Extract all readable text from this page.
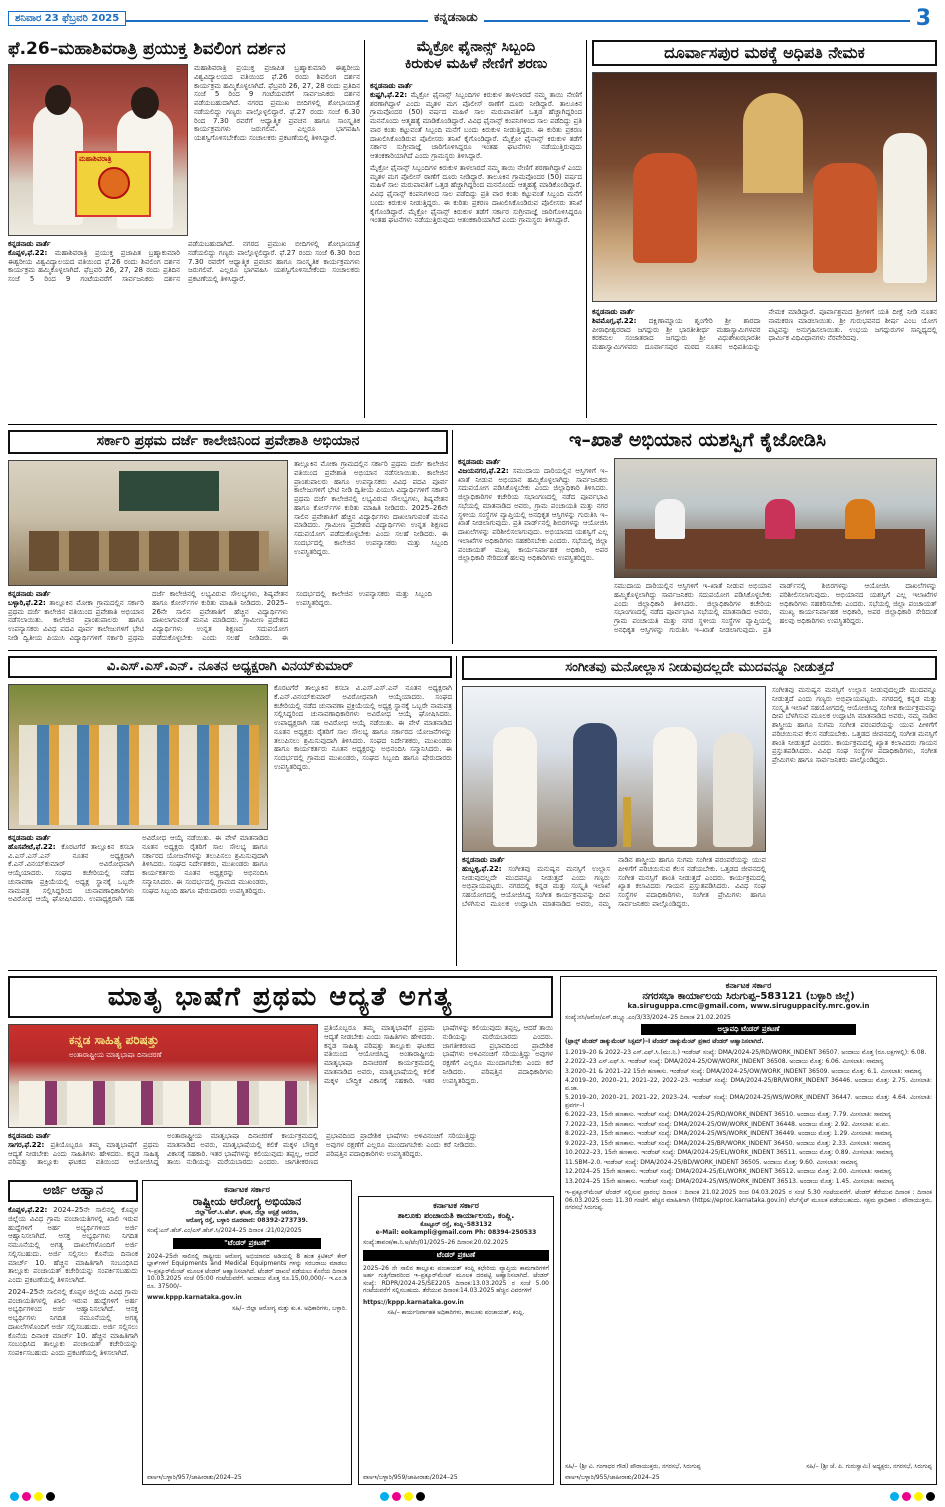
ಶನಿವಾರ 23 ಫೆಬ್ರವರಿ 2025	ಕನ್ನಡನಾಡು	3
ಫೆ.26–ಮಹಾಶಿವರಾತ್ರಿ ಪ್ರಯುಕ್ತ ಶಿವಲಿಂಗ ದರ್ಶನ
ಮಹಾಶಿವರಾತ್ರಿ

ಮಹಾಶಿವರಾತ್ರಿ ಪ್ರಯುಕ್ತ ಪ್ರಜಾಪಿತ ಬ್ರಹ್ಮಾಕುಮಾರಿ ಈಶ್ವರೀಯ ವಿಶ್ವವಿದ್ಯಾಲಯದ ವತಿಯಿಂದ ಫೆ.26 ರಂದು ಶಿವಲಿಂಗ ದರ್ಶನ ಕಾರ್ಯಕ್ರಮ ಹಮ್ಮಿಕೊಳ್ಳಲಾಗಿದೆ. ಫೆಬ್ರವರಿ 26, 27, 28 ರಂದು ಪ್ರತಿದಿನ ಸಂಜೆ 5 ರಿಂದ 9 ಗಂಟೆಯವರೆಗೆ ಸಾರ್ವಜನಿಕರು ದರ್ಶನ ಪಡೆಯಬಹುದಾಗಿದೆ. ನಗರದ ಪ್ರಮುಖ ಬೀದಿಗಳಲ್ಲಿ ಶೋಭಾಯಾತ್ರೆ ನಡೆಯಲಿದ್ದು ಗಣ್ಯರು ಪಾಲ್ಗೊಳ್ಳಲಿದ್ದಾರೆ. ಫೆ.27 ರಂದು ಸಂಜೆ 6.30 ರಿಂದ 7.30 ರವರೆಗೆ ಆಧ್ಯಾತ್ಮಿಕ ಪ್ರವಚನ ಹಾಗೂ ಸಾಂಸ್ಕೃತಿಕ ಕಾರ್ಯಕ್ರಮಗಳು ಜರುಗಲಿವೆ. ಎಲ್ಲರೂ ಭಾಗವಹಿಸಿ ಯಶಸ್ವಿಗೊಳಿಸಬೇಕೆಂದು ಸಂಚಾಲಕರು ಪ್ರಕಟಣೆಯಲ್ಲಿ ತಿಳಿಸಿದ್ದಾರೆ.

ಕನ್ನಡನಾಡು ವಾರ್ತೆ
ಕೊಪ್ಪಳ,ಫೆ.22: ಮಹಾಶಿವರಾತ್ರಿ ಪ್ರಯುಕ್ತ ಪ್ರಜಾಪಿತ ಬ್ರಹ್ಮಾಕುಮಾರಿ ಈಶ್ವರೀಯ ವಿಶ್ವವಿದ್ಯಾಲಯದ ವತಿಯಿಂದ ಫೆ.26 ರಂದು ಶಿವಲಿಂಗ ದರ್ಶನ ಕಾರ್ಯಕ್ರಮ ಹಮ್ಮಿಕೊಳ್ಳಲಾಗಿದೆ. ಫೆಬ್ರವರಿ 26, 27, 28 ರಂದು ಪ್ರತಿದಿನ ಸಂಜೆ 5 ರಿಂದ 9 ಗಂಟೆಯವರೆಗೆ ಸಾರ್ವಜನಿಕರು ದರ್ಶನ ಪಡೆಯಬಹುದಾಗಿದೆ. ನಗರದ ಪ್ರಮುಖ ಬೀದಿಗಳಲ್ಲಿ ಶೋಭಾಯಾತ್ರೆ ನಡೆಯಲಿದ್ದು ಗಣ್ಯರು ಪಾಲ್ಗೊಳ್ಳಲಿದ್ದಾರೆ. ಫೆ.27 ರಂದು ಸಂಜೆ 6.30 ರಿಂದ 7.30 ರವರೆಗೆ ಆಧ್ಯಾತ್ಮಿಕ ಪ್ರವಚನ ಹಾಗೂ ಸಾಂಸ್ಕೃತಿಕ ಕಾರ್ಯಕ್ರಮಗಳು ಜರುಗಲಿವೆ. ಎಲ್ಲರೂ ಭಾಗವಹಿಸಿ ಯಶಸ್ವಿಗೊಳಿಸಬೇಕೆಂದು ಸಂಚಾಲಕರು ಪ್ರಕಟಣೆಯಲ್ಲಿ ತಿಳಿಸಿದ್ದಾರೆ.

ಮೈಕ್ರೋ ಫೈನಾನ್ಸ್ ಸಿಬ್ಬಂದಿ
ಕಿರುಕುಳ ಮಹಿಳೆ ನೇಣಿಗೆ ಶರಣು

ಕನ್ನಡನಾಡು ವಾರ್ತೆ
ಕುಷ್ಟಗಿ,ಫೆ.22: ಮೈಕ್ರೋ ಫೈನಾನ್ಸ್ ಸಿಬ್ಬಂದಿಗಳ ಕಿರುಕುಳ ತಾಳಲಾರದೆ ನಮ್ಮ ತಾಯಿ ನೇಣಿಗೆ ಶರಣಾಗಿದ್ದಾಳೆ ಎಂದು ಮೃತಳ ಮಗ ಪೊಲೀಸ್ ಠಾಣೆಗೆ ದೂರು ನೀಡಿದ್ದಾರೆ. ತಾಲೂಕಿನ ಗ್ರಾಮವೊಂದರ (50) ವರ್ಷದ ಮಹಿಳೆ ಸಾಲ ಮರುಪಾವತಿಗೆ ಒತ್ತಡ ಹೆಚ್ಚಾಗಿದ್ದರಿಂದ ಮನನೊಂದು ಆತ್ಮಹತ್ಯೆ ಮಾಡಿಕೊಂಡಿದ್ದಾರೆ. ವಿವಿಧ ಫೈನಾನ್ಸ್ ಕಂಪನಿಗಳಿಂದ ಸಾಲ ಪಡೆದಿದ್ದು ಪ್ರತಿ ವಾರ ಕಂತು ಕಟ್ಟುವಂತೆ ಸಿಬ್ಬಂದಿ ಮನೆಗೆ ಬಂದು ಕಿರುಕುಳ ನೀಡುತ್ತಿದ್ದರು. ಈ ಕುರಿತು ಪ್ರಕರಣ ದಾಖಲಿಸಿಕೊಂಡಿರುವ ಪೊಲೀಸರು ತನಿಖೆ ಕೈಗೊಂಡಿದ್ದಾರೆ. ಮೈಕ್ರೋ ಫೈನಾನ್ಸ್ ಕಿರುಕುಳ ತಡೆಗೆ ಸರ್ಕಾರ ಸುಗ್ರೀವಾಜ್ಞೆ ಜಾರಿಗೊಳಿಸಿದ್ದರೂ ಇಂತಹ ಘಟನೆಗಳು ನಡೆಯುತ್ತಿರುವುದು ಆತಂಕಕಾರಿಯಾಗಿದೆ ಎಂದು ಗ್ರಾಮಸ್ಥರು ತಿಳಿಸಿದ್ದಾರೆ.

ಮೈಕ್ರೋ ಫೈನಾನ್ಸ್ ಸಿಬ್ಬಂದಿಗಳ ಕಿರುಕುಳ ತಾಳಲಾರದೆ ನಮ್ಮ ತಾಯಿ ನೇಣಿಗೆ ಶರಣಾಗಿದ್ದಾಳೆ ಎಂದು ಮೃತಳ ಮಗ ಪೊಲೀಸ್ ಠಾಣೆಗೆ ದೂರು ನೀಡಿದ್ದಾರೆ. ತಾಲೂಕಿನ ಗ್ರಾಮವೊಂದರ (50) ವರ್ಷದ ಮಹಿಳೆ ಸಾಲ ಮರುಪಾವತಿಗೆ ಒತ್ತಡ ಹೆಚ್ಚಾಗಿದ್ದರಿಂದ ಮನನೊಂದು ಆತ್ಮಹತ್ಯೆ ಮಾಡಿಕೊಂಡಿದ್ದಾರೆ. ವಿವಿಧ ಫೈನಾನ್ಸ್ ಕಂಪನಿಗಳಿಂದ ಸಾಲ ಪಡೆದಿದ್ದು ಪ್ರತಿ ವಾರ ಕಂತು ಕಟ್ಟುವಂತೆ ಸಿಬ್ಬಂದಿ ಮನೆಗೆ ಬಂದು ಕಿರುಕುಳ ನೀಡುತ್ತಿದ್ದರು. ಈ ಕುರಿತು ಪ್ರಕರಣ ದಾಖಲಿಸಿಕೊಂಡಿರುವ ಪೊಲೀಸರು ತನಿಖೆ ಕೈಗೊಂಡಿದ್ದಾರೆ. ಮೈಕ್ರೋ ಫೈನಾನ್ಸ್ ಕಿರುಕುಳ ತಡೆಗೆ ಸರ್ಕಾರ ಸುಗ್ರೀವಾಜ್ಞೆ ಜಾರಿಗೊಳಿಸಿದ್ದರೂ ಇಂತಹ ಘಟನೆಗಳು ನಡೆಯುತ್ತಿರುವುದು ಆತಂಕಕಾರಿಯಾಗಿದೆ ಎಂದು ಗ್ರಾಮಸ್ಥರು ತಿಳಿಸಿದ್ದಾರೆ.

ದೂರ್ವಾಸಪುರ ಮಠಕ್ಕೆ ಅಧಿಪತಿ ನೇಮಕ

ಕನ್ನಡನಾಡು ವಾರ್ತೆ
ಶಿವಮೊಗ್ಗ,ಫೆ.22: ದಕ್ಷಿಣಾಮ್ನಾಯ ಶೃಂಗೇರಿ ಶ್ರೀ ಶಾರದಾ ಪೀಠಾಧೀಶ್ವರರಾದ ಜಗದ್ಗುರು ಶ್ರೀ ಭಾರತೀತೀರ್ಥ ಮಹಾಸ್ವಾಮಿಗಳವರ ಕರಕಮಲ ಸಂಜಾತರಾದ ಜಗದ್ಗುರು ಶ್ರೀ ವಿಧುಶೇಖರಭಾರತೀ ಮಹಾಸ್ವಾಮಿಗಳವರು ದೂರ್ವಾಸಪುರ ಮಠದ ನೂತನ ಅಧಿಪತಿಯನ್ನು ನೇಮಕ ಮಾಡಿದ್ದಾರೆ. ಪೂರ್ವಾಶ್ರಮದ ಶ್ರೀಗಳಿಗೆ ಯತಿ ದೀಕ್ಷೆ ನೀಡಿ ನೂತನ ನಾಮಕರಣ ಮಾಡಲಾಯಿತು. ಶ್ರೀ ಗುರುಭವನದ ಶೀರ್ಷ ಎಂಬ ಯೋಗ ಪಟ್ಟವನ್ನು ಅನುಗ್ರಹಿಸಲಾಯಿತು. ಉಭಯ ಜಗದ್ಗುರುಗಳ ಸಾನ್ನಿಧ್ಯದಲ್ಲಿ ಧಾರ್ಮಿಕ ವಿಧಿವಿಧಾನಗಳು ನೆರವೇರಿದವು.

ಸರ್ಕಾರಿ ಪ್ರಥಮ ದರ್ಜೆ ಕಾಲೇಜಿನಿಂದ ಪ್ರವೇಶಾತಿ ಅಭಿಯಾನ

ತಾಲ್ಲೂಕಿನ ಮೋಕಾ ಗ್ರಾಮದಲ್ಲಿನ ಸರ್ಕಾರಿ ಪ್ರಥಮ ದರ್ಜೆ ಕಾಲೇಜಿನ ವತಿಯಿಂದ ಪ್ರವೇಶಾತಿ ಅಭಿಯಾನ ನಡೆಸಲಾಯಿತು. ಕಾಲೇಜಿನ ಪ್ರಾಂಶುಪಾಲರು ಹಾಗೂ ಉಪನ್ಯಾಸಕರು ವಿವಿಧ ಪದವಿ ಪೂರ್ವ ಕಾಲೇಜುಗಳಿಗೆ ಭೇಟಿ ನೀಡಿ ದ್ವಿತೀಯ ಪಿಯುಸಿ ವಿದ್ಯಾರ್ಥಿಗಳಿಗೆ ಸರ್ಕಾರಿ ಪ್ರಥಮ ದರ್ಜೆ ಕಾಲೇಜಿನಲ್ಲಿ ಲಭ್ಯವಿರುವ ಸೌಲಭ್ಯಗಳು, ಶಿಷ್ಯವೇತನ ಹಾಗೂ ಕೋರ್ಸ್‌ಗಳ ಕುರಿತು ಮಾಹಿತಿ ನೀಡಿದರು. 2025–26ನೇ ಸಾಲಿನ ಪ್ರವೇಶಾತಿಗೆ ಹೆಚ್ಚಿನ ವಿದ್ಯಾರ್ಥಿಗಳು ದಾಖಲಾಗುವಂತೆ ಮನವಿ ಮಾಡಿದರು. ಗ್ರಾಮೀಣ ಪ್ರದೇಶದ ವಿದ್ಯಾರ್ಥಿಗಳು ಉನ್ನತ ಶಿಕ್ಷಣದ ಸದುಪಯೋಗ ಪಡೆದುಕೊಳ್ಳಬೇಕು ಎಂದು ಸಲಹೆ ನೀಡಿದರು. ಈ ಸಂದರ್ಭದಲ್ಲಿ ಕಾಲೇಜಿನ ಉಪನ್ಯಾಸಕರು ಮತ್ತು ಸಿಬ್ಬಂದಿ ಉಪಸ್ಥಿತರಿದ್ದರು.

ಕನ್ನಡನಾಡು ವಾರ್ತೆ
ಬಳ್ಳಾರಿ,ಫೆ.22: ತಾಲ್ಲೂಕಿನ ಮೋಕಾ ಗ್ರಾಮದಲ್ಲಿನ ಸರ್ಕಾರಿ ಪ್ರಥಮ ದರ್ಜೆ ಕಾಲೇಜಿನ ವತಿಯಿಂದ ಪ್ರವೇಶಾತಿ ಅಭಿಯಾನ ನಡೆಸಲಾಯಿತು. ಕಾಲೇಜಿನ ಪ್ರಾಂಶುಪಾಲರು ಹಾಗೂ ಉಪನ್ಯಾಸಕರು ವಿವಿಧ ಪದವಿ ಪೂರ್ವ ಕಾಲೇಜುಗಳಿಗೆ ಭೇಟಿ ನೀಡಿ ದ್ವಿತೀಯ ಪಿಯುಸಿ ವಿದ್ಯಾರ್ಥಿಗಳಿಗೆ ಸರ್ಕಾರಿ ಪ್ರಥಮ ದರ್ಜೆ ಕಾಲೇಜಿನಲ್ಲಿ ಲಭ್ಯವಿರುವ ಸೌಲಭ್ಯಗಳು, ಶಿಷ್ಯವೇತನ ಹಾಗೂ ಕೋರ್ಸ್‌ಗಳ ಕುರಿತು ಮಾಹಿತಿ ನೀಡಿದರು. 2025–26ನೇ ಸಾಲಿನ ಪ್ರವೇಶಾತಿಗೆ ಹೆಚ್ಚಿನ ವಿದ್ಯಾರ್ಥಿಗಳು ದಾಖಲಾಗುವಂತೆ ಮನವಿ ಮಾಡಿದರು. ಗ್ರಾಮೀಣ ಪ್ರದೇಶದ ವಿದ್ಯಾರ್ಥಿಗಳು ಉನ್ನತ ಶಿಕ್ಷಣದ ಸದುಪಯೋಗ ಪಡೆದುಕೊಳ್ಳಬೇಕು ಎಂದು ಸಲಹೆ ನೀಡಿದರು. ಈ ಸಂದರ್ಭದಲ್ಲಿ ಕಾಲೇಜಿನ ಉಪನ್ಯಾಸಕರು ಮತ್ತು ಸಿಬ್ಬಂದಿ ಉಪಸ್ಥಿತರಿದ್ದರು.

ಇ–ಖಾತೆ ಅಭಿಯಾನ ಯಶಸ್ವಿಗೆ ಕೈಜೋಡಿಸಿ

ಕನ್ನಡನಾಡು ವಾರ್ತೆ
ವಿಜಯನಗರ,ಫೆ.22: ಸಮುದಾಯ ದಾರಿಯಲ್ಲಿನ ಆಸ್ತಿಗಳಿಗೆ ಇ–ಖಾತೆ ನೀಡುವ ಅಭಿಯಾನ ಹಮ್ಮಿಕೊಳ್ಳಲಾಗಿದ್ದು ಸಾರ್ವಜನಿಕರು ಸದುಪಯೋಗ ಪಡಿಸಿಕೊಳ್ಳಬೇಕು ಎಂದು ಜಿಲ್ಲಾಧಿಕಾರಿ ತಿಳಿಸಿದರು. ಜಿಲ್ಲಾಧಿಕಾರಿಗಳ ಕಚೇರಿಯ ಸಭಾಂಗಣದಲ್ಲಿ ನಡೆದ ಪೂರ್ವಭಾವಿ ಸಭೆಯಲ್ಲಿ ಮಾತನಾಡಿದ ಅವರು, ಗ್ರಾಮ ಪಂಚಾಯತಿ ಮತ್ತು ನಗರ ಸ್ಥಳೀಯ ಸಂಸ್ಥೆಗಳ ವ್ಯಾಪ್ತಿಯಲ್ಲಿ ಅನಧಿಕೃತ ಆಸ್ತಿಗಳನ್ನು ಗುರುತಿಸಿ ಇ–ಖಾತೆ ನೀಡಲಾಗುವುದು. ಪ್ರತಿ ವಾರ್ಡ್‌ನಲ್ಲಿ ಶಿಬಿರಗಳನ್ನು ಆಯೋಜಿಸಿ ದಾಖಲೆಗಳನ್ನು ಪರಿಶೀಲಿಸಲಾಗುವುದು. ಅಭಿಯಾನದ ಯಶಸ್ವಿಗೆ ಎಲ್ಲ ಇಲಾಖೆಗಳ ಅಧಿಕಾರಿಗಳು ಸಹಕರಿಸಬೇಕು ಎಂದರು. ಸಭೆಯಲ್ಲಿ ಜಿಲ್ಲಾ ಪಂಚಾಯತ್ ಮುಖ್ಯ ಕಾರ್ಯನಿರ್ವಾಹಕ ಅಧಿಕಾರಿ, ಅಪರ ಜಿಲ್ಲಾಧಿಕಾರಿ ಸೇರಿದಂತೆ ಹಲವು ಅಧಿಕಾರಿಗಳು ಉಪಸ್ಥಿತರಿದ್ದರು.

ಸಮುದಾಯ ದಾರಿಯಲ್ಲಿನ ಆಸ್ತಿಗಳಿಗೆ ಇ–ಖಾತೆ ನೀಡುವ ಅಭಿಯಾನ ಹಮ್ಮಿಕೊಳ್ಳಲಾಗಿದ್ದು ಸಾರ್ವಜನಿಕರು ಸದುಪಯೋಗ ಪಡಿಸಿಕೊಳ್ಳಬೇಕು ಎಂದು ಜಿಲ್ಲಾಧಿಕಾರಿ ತಿಳಿಸಿದರು. ಜಿಲ್ಲಾಧಿಕಾರಿಗಳ ಕಚೇರಿಯ ಸಭಾಂಗಣದಲ್ಲಿ ನಡೆದ ಪೂರ್ವಭಾವಿ ಸಭೆಯಲ್ಲಿ ಮಾತನಾಡಿದ ಅವರು, ಗ್ರಾಮ ಪಂಚಾಯತಿ ಮತ್ತು ನಗರ ಸ್ಥಳೀಯ ಸಂಸ್ಥೆಗಳ ವ್ಯಾಪ್ತಿಯಲ್ಲಿ ಅನಧಿಕೃತ ಆಸ್ತಿಗಳನ್ನು ಗುರುತಿಸಿ ಇ–ಖಾತೆ ನೀಡಲಾಗುವುದು. ಪ್ರತಿ ವಾರ್ಡ್‌ನಲ್ಲಿ ಶಿಬಿರಗಳನ್ನು ಆಯೋಜಿಸಿ ದಾಖಲೆಗಳನ್ನು ಪರಿಶೀಲಿಸಲಾಗುವುದು. ಅಭಿಯಾನದ ಯಶಸ್ವಿಗೆ ಎಲ್ಲ ಇಲಾಖೆಗಳ ಅಧಿಕಾರಿಗಳು ಸಹಕರಿಸಬೇಕು ಎಂದರು. ಸಭೆಯಲ್ಲಿ ಜಿಲ್ಲಾ ಪಂಚಾಯತ್ ಮುಖ್ಯ ಕಾರ್ಯನಿರ್ವಾಹಕ ಅಧಿಕಾರಿ, ಅಪರ ಜಿಲ್ಲಾಧಿಕಾರಿ ಸೇರಿದಂತೆ ಹಲವು ಅಧಿಕಾರಿಗಳು ಉಪಸ್ಥಿತರಿದ್ದರು.

ವಿ.ಎಸ್.ಎಸ್.ಎನ್. ನೂತನ ಅಧ್ಯಕ್ಷರಾಗಿ ವಿನಯ್‌ಕುಮಾರ್

ಕೊರಟಗೆರೆ ತಾಲ್ಲೂಕಿನ ಕಸಬಾ ವಿ.ಎಸ್.ಎಸ್.ಎನ್ ನೂತನ ಅಧ್ಯಕ್ಷರಾಗಿ ಕೆ.ಎನ್.ವಿನಯ್‌ಕುಮಾರ್ ಅವಿರೋಧವಾಗಿ ಆಯ್ಕೆಯಾದರು. ಸಂಘದ ಕಚೇರಿಯಲ್ಲಿ ನಡೆದ ಚುನಾವಣಾ ಪ್ರಕ್ರಿಯೆಯಲ್ಲಿ ಅಧ್ಯಕ್ಷ ಸ್ಥಾನಕ್ಕೆ ಒಬ್ಬರೇ ನಾಮಪತ್ರ ಸಲ್ಲಿಸಿದ್ದರಿಂದ ಚುನಾವಣಾಧಿಕಾರಿಗಳು ಅವಿರೋಧ ಆಯ್ಕೆ ಘೋಷಿಸಿದರು. ಉಪಾಧ್ಯಕ್ಷರಾಗಿ ಸಹ ಅವಿರೋಧ ಆಯ್ಕೆ ನಡೆಯಿತು. ಈ ವೇಳೆ ಮಾತನಾಡಿದ ನೂತನ ಅಧ್ಯಕ್ಷರು ರೈತರಿಗೆ ಸಾಲ ಸೌಲಭ್ಯ ಹಾಗೂ ಸರ್ಕಾರದ ಯೋಜನೆಗಳನ್ನು ತಲುಪಿಸಲು ಶ್ರಮಿಸುವುದಾಗಿ ತಿಳಿಸಿದರು. ಸಂಘದ ನಿರ್ದೇಶಕರು, ಮುಖಂಡರು ಹಾಗೂ ಕಾರ್ಯಕರ್ತರು ನೂತನ ಅಧ್ಯಕ್ಷರನ್ನು ಅಭಿನಂದಿಸಿ ಸನ್ಮಾನಿಸಿದರು. ಈ ಸಂದರ್ಭದಲ್ಲಿ ಗ್ರಾಮದ ಮುಖಂಡರು, ಸಂಘದ ಸಿಬ್ಬಂದಿ ಹಾಗೂ ಷೇರುದಾರರು ಉಪಸ್ಥಿತರಿದ್ದರು.

ಕನ್ನಡನಾಡು ವಾರ್ತೆ
ಹೊಸಪೇಟೆ,ಫೆ.22: ಕೊರಟಗೆರೆ ತಾಲ್ಲೂಕಿನ ಕಸಬಾ ವಿ.ಎಸ್.ಎಸ್.ಎನ್ ನೂತನ ಅಧ್ಯಕ್ಷರಾಗಿ ಕೆ.ಎನ್.ವಿನಯ್‌ಕುಮಾರ್ ಅವಿರೋಧವಾಗಿ ಆಯ್ಕೆಯಾದರು. ಸಂಘದ ಕಚೇರಿಯಲ್ಲಿ ನಡೆದ ಚುನಾವಣಾ ಪ್ರಕ್ರಿಯೆಯಲ್ಲಿ ಅಧ್ಯಕ್ಷ ಸ್ಥಾನಕ್ಕೆ ಒಬ್ಬರೇ ನಾಮಪತ್ರ ಸಲ್ಲಿಸಿದ್ದರಿಂದ ಚುನಾವಣಾಧಿಕಾರಿಗಳು ಅವಿರೋಧ ಆಯ್ಕೆ ಘೋಷಿಸಿದರು. ಉಪಾಧ್ಯಕ್ಷರಾಗಿ ಸಹ ಅವಿರೋಧ ಆಯ್ಕೆ ನಡೆಯಿತು. ಈ ವೇಳೆ ಮಾತನಾಡಿದ ನೂತನ ಅಧ್ಯಕ್ಷರು ರೈತರಿಗೆ ಸಾಲ ಸೌಲಭ್ಯ ಹಾಗೂ ಸರ್ಕಾರದ ಯೋಜನೆಗಳನ್ನು ತಲುಪಿಸಲು ಶ್ರಮಿಸುವುದಾಗಿ ತಿಳಿಸಿದರು. ಸಂಘದ ನಿರ್ದೇಶಕರು, ಮುಖಂಡರು ಹಾಗೂ ಕಾರ್ಯಕರ್ತರು ನೂತನ ಅಧ್ಯಕ್ಷರನ್ನು ಅಭಿನಂದಿಸಿ ಸನ್ಮಾನಿಸಿದರು. ಈ ಸಂದರ್ಭದಲ್ಲಿ ಗ್ರಾಮದ ಮುಖಂಡರು, ಸಂಘದ ಸಿಬ್ಬಂದಿ ಹಾಗೂ ಷೇರುದಾರರು ಉಪಸ್ಥಿತರಿದ್ದರು.

ಸಂಗೀತವು ಮನೋಲ್ಲಾಸ ನೀಡುವುದಲ್ಲದೇ ಮುದವನ್ನೂ ನೀಡುತ್ತದೆ

ಸಂಗೀತವು ಮನುಷ್ಯನ ಮನಸ್ಸಿಗೆ ಉಲ್ಲಾಸ ನೀಡುವುದಲ್ಲದೇ ಮುದವನ್ನೂ ನೀಡುತ್ತದೆ ಎಂದು ಗಣ್ಯರು ಅಭಿಪ್ರಾಯಪಟ್ಟರು. ನಗರದಲ್ಲಿ ಕನ್ನಡ ಮತ್ತು ಸಂಸ್ಕೃತಿ ಇಲಾಖೆ ಸಹಯೋಗದಲ್ಲಿ ಆಯೋಜಿಸಿದ್ದ ಸಂಗೀತ ಕಾರ್ಯಕ್ರಮವನ್ನು ದೀಪ ಬೆಳಗಿಸುವ ಮೂಲಕ ಉದ್ಘಾಟಿಸಿ ಮಾತನಾಡಿದ ಅವರು, ನಮ್ಮ ನಾಡಿನ ಶಾಸ್ತ್ರೀಯ ಹಾಗೂ ಸುಗಮ ಸಂಗೀತ ಪರಂಪರೆಯನ್ನು ಯುವ ಪೀಳಿಗೆಗೆ ಪರಿಚಯಿಸುವ ಕೆಲಸ ನಡೆಯಬೇಕು. ಒತ್ತಡದ ಜೀವನದಲ್ಲಿ ಸಂಗೀತ ಮನಸ್ಸಿಗೆ ಶಾಂತಿ ನೀಡುತ್ತದೆ ಎಂದರು. ಕಾರ್ಯಕ್ರಮದಲ್ಲಿ ಖ್ಯಾತ ಕಲಾವಿದರು ಗಾಯನ ಪ್ರಸ್ತುತಪಡಿಸಿದರು. ವಿವಿಧ ಸಂಘ ಸಂಸ್ಥೆಗಳ ಪದಾಧಿಕಾರಿಗಳು, ಸಂಗೀತ ಪ್ರೇಮಿಗಳು ಹಾಗೂ ಸಾರ್ವಜನಿಕರು ಪಾಲ್ಗೊಂಡಿದ್ದರು.

ಕನ್ನಡನಾಡು ವಾರ್ತೆ
ಹುಬ್ಬಳ್ಳಿ,ಫೆ.22: ಸಂಗೀತವು ಮನುಷ್ಯನ ಮನಸ್ಸಿಗೆ ಉಲ್ಲಾಸ ನೀಡುವುದಲ್ಲದೇ ಮುದವನ್ನೂ ನೀಡುತ್ತದೆ ಎಂದು ಗಣ್ಯರು ಅಭಿಪ್ರಾಯಪಟ್ಟರು. ನಗರದಲ್ಲಿ ಕನ್ನಡ ಮತ್ತು ಸಂಸ್ಕೃತಿ ಇಲಾಖೆ ಸಹಯೋಗದಲ್ಲಿ ಆಯೋಜಿಸಿದ್ದ ಸಂಗೀತ ಕಾರ್ಯಕ್ರಮವನ್ನು ದೀಪ ಬೆಳಗಿಸುವ ಮೂಲಕ ಉದ್ಘಾಟಿಸಿ ಮಾತನಾಡಿದ ಅವರು, ನಮ್ಮ ನಾಡಿನ ಶಾಸ್ತ್ರೀಯ ಹಾಗೂ ಸುಗಮ ಸಂಗೀತ ಪರಂಪರೆಯನ್ನು ಯುವ ಪೀಳಿಗೆಗೆ ಪರಿಚಯಿಸುವ ಕೆಲಸ ನಡೆಯಬೇಕು. ಒತ್ತಡದ ಜೀವನದಲ್ಲಿ ಸಂಗೀತ ಮನಸ್ಸಿಗೆ ಶಾಂತಿ ನೀಡುತ್ತದೆ ಎಂದರು. ಕಾರ್ಯಕ್ರಮದಲ್ಲಿ ಖ್ಯಾತ ಕಲಾವಿದರು ಗಾಯನ ಪ್ರಸ್ತುತಪಡಿಸಿದರು. ವಿವಿಧ ಸಂಘ ಸಂಸ್ಥೆಗಳ ಪದಾಧಿಕಾರಿಗಳು, ಸಂಗೀತ ಪ್ರೇಮಿಗಳು ಹಾಗೂ ಸಾರ್ವಜನಿಕರು ಪಾಲ್ಗೊಂಡಿದ್ದರು.

ಮಾತೃ ಭಾಷೆಗೆ ಪ್ರಥಮ ಆದ್ಯತೆ ಅಗತ್ಯ
ಕನ್ನಡ ಸಾಹಿತ್ಯ ಪರಿಷತ್ತು
ಅಂತಾರಾಷ್ಟ್ರೀಯ ಮಾತೃಭಾಷಾ ದಿನಾಚರಣೆ

ಪ್ರತಿಯೊಬ್ಬರೂ ತಮ್ಮ ಮಾತೃಭಾಷೆಗೆ ಪ್ರಥಮ ಆದ್ಯತೆ ನೀಡಬೇಕು ಎಂದು ಸಾಹಿತಿಗಳು ಹೇಳಿದರು. ಕನ್ನಡ ಸಾಹಿತ್ಯ ಪರಿಷತ್ತು ತಾಲ್ಲೂಕು ಘಟಕದ ವತಿಯಿಂದ ಆಯೋಜಿಸಿದ್ದ ಅಂತಾರಾಷ್ಟ್ರೀಯ ಮಾತೃಭಾಷಾ ದಿನಾಚರಣೆ ಕಾರ್ಯಕ್ರಮದಲ್ಲಿ ಮಾತನಾಡಿದ ಅವರು, ಮಾತೃಭಾಷೆಯಲ್ಲಿ ಕಲಿಕೆ ಮಕ್ಕಳ ಬೌದ್ಧಿಕ ವಿಕಾಸಕ್ಕೆ ಸಹಕಾರಿ. ಇತರ ಭಾಷೆಗಳನ್ನು ಕಲಿಯುವುದು ತಪ್ಪಲ್ಲ, ಆದರೆ ತಾಯಿ ನುಡಿಯನ್ನು ಮರೆಯಬಾರದು ಎಂದರು. ಜಾಗತೀಕರಣದ ಪ್ರಭಾವದಿಂದ ಪ್ರಾದೇಶಿಕ ಭಾಷೆಗಳು ಅಳಿವಿನಂಚಿಗೆ ಸರಿಯುತ್ತಿದ್ದು ಅವುಗಳ ರಕ್ಷಣೆಗೆ ಎಲ್ಲರೂ ಮುಂದಾಗಬೇಕು ಎಂದು ಕರೆ ನೀಡಿದರು. ಪರಿಷತ್ತಿನ ಪದಾಧಿಕಾರಿಗಳು ಉಪಸ್ಥಿತರಿದ್ದರು.

ಕನ್ನಡನಾಡು ವಾರ್ತೆ
ಸಾಗರ,ಫೆ.22: ಪ್ರತಿಯೊಬ್ಬರೂ ತಮ್ಮ ಮಾತೃಭಾಷೆಗೆ ಪ್ರಥಮ ಆದ್ಯತೆ ನೀಡಬೇಕು ಎಂದು ಸಾಹಿತಿಗಳು ಹೇಳಿದರು. ಕನ್ನಡ ಸಾಹಿತ್ಯ ಪರಿಷತ್ತು ತಾಲ್ಲೂಕು ಘಟಕದ ವತಿಯಿಂದ ಆಯೋಜಿಸಿದ್ದ ಅಂತಾರಾಷ್ಟ್ರೀಯ ಮಾತೃಭಾಷಾ ದಿನಾಚರಣೆ ಕಾರ್ಯಕ್ರಮದಲ್ಲಿ ಮಾತನಾಡಿದ ಅವರು, ಮಾತೃಭಾಷೆಯಲ್ಲಿ ಕಲಿಕೆ ಮಕ್ಕಳ ಬೌದ್ಧಿಕ ವಿಕಾಸಕ್ಕೆ ಸಹಕಾರಿ. ಇತರ ಭಾಷೆಗಳನ್ನು ಕಲಿಯುವುದು ತಪ್ಪಲ್ಲ, ಆದರೆ ತಾಯಿ ನುಡಿಯನ್ನು ಮರೆಯಬಾರದು ಎಂದರು. ಜಾಗತೀಕರಣದ ಪ್ರಭಾವದಿಂದ ಪ್ರಾದೇಶಿಕ ಭಾಷೆಗಳು ಅಳಿವಿನಂಚಿಗೆ ಸರಿಯುತ್ತಿದ್ದು ಅವುಗಳ ರಕ್ಷಣೆಗೆ ಎಲ್ಲರೂ ಮುಂದಾಗಬೇಕು ಎಂದು ಕರೆ ನೀಡಿದರು. ಪರಿಷತ್ತಿನ ಪದಾಧಿಕಾರಿಗಳು ಉಪಸ್ಥಿತರಿದ್ದರು.

ಅರ್ಜಿ ಆಹ್ವಾನ

ಕೊಪ್ಪಳ,ಫೆ.22: 2024–25ನೇ ಸಾಲಿನಲ್ಲಿ ಕೊಪ್ಪಳ ಜಿಲ್ಲೆಯ ವಿವಿಧ ಗ್ರಾಮ ಪಂಚಾಯತಿಗಳಲ್ಲಿ ಖಾಲಿ ಇರುವ ಹುದ್ದೆಗಳಿಗೆ ಅರ್ಹ ಅಭ್ಯರ್ಥಿಗಳಿಂದ ಅರ್ಜಿ ಆಹ್ವಾನಿಸಲಾಗಿದೆ. ಆಸಕ್ತ ಅಭ್ಯರ್ಥಿಗಳು ನಿಗದಿತ ನಮೂನೆಯಲ್ಲಿ ಅಗತ್ಯ ದಾಖಲೆಗಳೊಂದಿಗೆ ಅರ್ಜಿ ಸಲ್ಲಿಸಬಹುದು. ಅರ್ಜಿ ಸಲ್ಲಿಸಲು ಕೊನೆಯ ದಿನಾಂಕ ಮಾರ್ಚ್ 10. ಹೆಚ್ಚಿನ ಮಾಹಿತಿಗಾಗಿ ಸಂಬಂಧಿಸಿದ ತಾಲ್ಲೂಕು ಪಂಚಾಯತ್ ಕಚೇರಿಯನ್ನು ಸಂಪರ್ಕಿಸಬಹುದು ಎಂದು ಪ್ರಕಟಣೆಯಲ್ಲಿ ತಿಳಿಸಲಾಗಿದೆ.

2024–25ನೇ ಸಾಲಿನಲ್ಲಿ ಕೊಪ್ಪಳ ಜಿಲ್ಲೆಯ ವಿವಿಧ ಗ್ರಾಮ ಪಂಚಾಯತಿಗಳಲ್ಲಿ ಖಾಲಿ ಇರುವ ಹುದ್ದೆಗಳಿಗೆ ಅರ್ಹ ಅಭ್ಯರ್ಥಿಗಳಿಂದ ಅರ್ಜಿ ಆಹ್ವಾನಿಸಲಾಗಿದೆ. ಆಸಕ್ತ ಅಭ್ಯರ್ಥಿಗಳು ನಿಗದಿತ ನಮೂನೆಯಲ್ಲಿ ಅಗತ್ಯ ದಾಖಲೆಗಳೊಂದಿಗೆ ಅರ್ಜಿ ಸಲ್ಲಿಸಬಹುದು. ಅರ್ಜಿ ಸಲ್ಲಿಸಲು ಕೊನೆಯ ದಿನಾಂಕ ಮಾರ್ಚ್ 10. ಹೆಚ್ಚಿನ ಮಾಹಿತಿಗಾಗಿ ಸಂಬಂಧಿಸಿದ ತಾಲ್ಲೂಕು ಪಂಚಾಯತ್ ಕಚೇರಿಯನ್ನು ಸಂಪರ್ಕಿಸಬಹುದು ಎಂದು ಪ್ರಕಟಣೆಯಲ್ಲಿ ತಿಳಿಸಲಾಗಿದೆ.

ಕರ್ನಾಟಕ ಸರ್ಕಾರ
ರಾಷ್ಟ್ರೀಯ ಆರೋಗ್ಯ ಅಭಿಯಾನ
ಜಿಲ್ಲಾ ಆರ್.ಸಿ.ಹೆಚ್. ಘಟಕ, ಜಿಲ್ಲಾ ಆಸ್ಪತ್ರೆ ಆವರಣ,
ಆರೋಗ್ಯ ರಸ್ತೆ, ಬಳ್ಳಾರಿ ದೂರವಾಣಿ: 08392-273739.
ಸಂಖ್ಯೆ:ಎನ್.ಹೆಚ್.ಎಂ/ಎಸ್.ಹೆಚ್.ಸಿ/2024–25 ದಿನಾಂಕ :21/02/2025
"ಟೆಂಡರ್ ಪ್ರಕಟಣೆ"
2024–25ನೇ ಸಾಲಿನಲ್ಲಿ ರಾಷ್ಟ್ರೀಯ ಆರೋಗ್ಯ ಅಭಿಯಾನದ ಅಡಿಯಲ್ಲಿ 8 ಹಂತ ಕ್ರಿಟಿಕಲ್ ಕೇರ್ ಬ್ಲಾಕ್‌ಗಳಿಗೆ Equipments and Medical Equipments ಗಳನ್ನು ಸರಬರಾಜು ಮಾಡಲು ಇ–ಪ್ರಕ್ಯೂರ್‌ಮೆಂಟ್ ಮೂಲಕ ಟೆಂಡರ್ ಆಹ್ವಾನಿಸಲಾಗಿದೆ. ಟೆಂಡರ್ ದಾಖಲೆ ಪಡೆಯಲು ಕೊನೆಯ ದಿನಾಂಕ 10.03.2025 ಸಂಜೆ 05:00 ಗಂಟೆಯವರೆಗೆ. ಅಂದಾಜು ಮೊತ್ತ ರೂ.15,00,000/– ಇ.ಎಂ.ಡಿ ರೂ. 37500/–
www.kppp.karnataka.gov.in
ಸಹಿ/– ಜಿಲ್ಲಾ ಆರೋಗ್ಯ ಮತ್ತು ಕು.ಕ. ಅಧಿಕಾರಿಗಳು, ಬಳ್ಳಾರಿ.
ವಾಅಇ/ಬಳ್ಳಾರಿ/957/ಜಾಹೀರಾತು/2024–25
ಕರ್ನಾಟಕ ಸರ್ಕಾರ
ತಾಲೂಕು ಪಂಚಾಯತಿ ಕಾರ್ಯಾಲಯ, ಕಂಪ್ಲಿ.
ಕೊಟ್ಟೂರ್ ರಸ್ತೆ, ಕಂಪ್ಲಿ–583132
e-Mail: eokampli@gmail.com Ph: 08394-250533
ಸಂಖ್ಯೆ:ತಾಪಂಕ/ಕಾ.ನಿ.ಅ/ಟೆಂ/01/2025–26 ದಿನಾಂಕ:20.02.2025
ಟೆಂಡರ್ ಪ್ರಕಟಣೆ
2025–26 ನೇ ಸಾಲಿನ ತಾಲ್ಲೂಕು ಪಂಚಾಯತ್ ಕಂಪ್ಲಿ ಕಛೇರಿಯ ವ್ಯಾಪ್ತಿಯ ಕಾಮಗಾರಿಗಳಿಗೆ ಅರ್ಹ ಗುತ್ತಿಗೆದಾರರಿಂದ ಇ–ಪ್ರಕ್ಯೂರ್‌ಮೆಂಟ್ ಮೂಲಕ ದರಪಟ್ಟಿ ಆಹ್ವಾನಿಸಲಾಗಿದೆ. ಟೆಂಡರ್ ಸಂಖ್ಯೆ: RDPR/2024-25/SE2205 ದಿನಾಂಕ:13.03.2025 ರ ಸಂಜೆ 5.00 ಗಂಟೆಯವರೆಗೆ ಸಲ್ಲಿಸಬಹುದು. ತೆರೆಯುವ ದಿನಾಂಕ:14.03.2025 ಹೆಚ್ಚಿನ ವಿವರಗಳಿಗೆ
https://kppp.karnataka.gov.in
ಸಹಿ/– ಕಾರ್ಯನಿರ್ವಾಹಕ ಅಧಿಕಾರಿಗಳು, ತಾಲೂಕು ಪಂಚಾಯತ್, ಕಂಪ್ಲಿ.
ವಾಅಇ/ಬಳ್ಳಾರಿ/959/ಜಾಹೀರಾತು/2024–25
ಕರ್ನಾಟಕ ಸರ್ಕಾರ
ನಗರಸಭಾ ಕಾರ್ಯಾಲಯ ಸಿರುಗುಪ್ಪ–583121 (ಬಳ್ಳಾರಿ ಜಿಲ್ಲೆ)
ka.siruguppa.cmc@gmail.com, www.siruguppacity.mrc.gov.in
ಸಂಖ್ಯೆ:ನಸಿ/ಆರೋ/ಎಸ್.ಡಬ್ಲ್ಯೂ.ಎಂ/3/33/2024–25 ದಿನಾಂಕ 21.02.2025
ಅಲ್ಪಾವಧಿ ಟೆಂಡರ್ ಪ್ರಕಟಣೆ
(ಟ್ರಾನ್ಸ್ ಟೆಂಡರ್ ಡಾಕ್ಯುಮೆಂಟ್ ಸಿಸ್ಟಮ್)–I ಟೆಂಡರ್ ಡಾಕ್ಯುಮೆಂಟ್ ಪ್ರಕಾರ ಟೆಂಡರ್ ಆಹ್ವಾನಿಸಲಾಗಿದೆ.
1.2019–20 & 2022–23 ಎಸ್.ಎಫ್.ಸಿ.(ಮು.ನಿ.) ಇಂಡೆಂಟ್ ಸಂಖ್ಯೆ: DMA/2024-25/RD/WORK_INDENT 36507. ಅಂದಾಜು ಮೊತ್ತ (ರೂ.ಲಕ್ಷಗಳಲ್ಲಿ): 6.08.
2.2022–23 ಎಸ್.ಎಫ್.ಸಿ. ಇಂಡೆಂಟ್ ಸಂಖ್ಯೆ: DMA/2024-25/OW/WORK_INDENT 36508. ಅಂದಾಜು ಮೊತ್ತ: 6.06. ಮೀಸಲಾತಿ: ಸಾಮಾನ್ಯ
3.2020–21 & 2021–22 15ನೇ ಹಣಕಾಸು. ಇಂಡೆಂಟ್ ಸಂಖ್ಯೆ: DMA/2024-25/OW/WORK_INDENT 36509. ಅಂದಾಜು ಮೊತ್ತ: 6.1. ಮೀಸಲಾತಿ: ಸಾಮಾನ್ಯ
4.2019–20, 2020–21, 2021–22, 2022–23. ಇಂಡೆಂಟ್ ಸಂಖ್ಯೆ: DMA/2024-25/BR/WORK_INDENT 36446. ಅಂದಾಜು ಮೊತ್ತ: 2.75. ಮೀಸಲಾತಿ: ಪ.ಜಾ.
5.2019–20, 2020–21, 2021–22, 2023–24. ಇಂಡೆಂಟ್ ಸಂಖ್ಯೆ: DMA/2024-25/WS/WORK_INDENT 36447. ಅಂದಾಜು ಮೊತ್ತ: 4.64. ಮೀಸಲಾತಿ: ಪ್ರವರ್ಗ–I
6.2022–23, 15ನೇ ಹಣಕಾಸು. ಇಂಡೆಂಟ್ ಸಂಖ್ಯೆ: DMA/2024-25/RD/WORK_INDENT 36510. ಅಂದಾಜು ಮೊತ್ತ: 7.79. ಮೀಸಲಾತಿ: ಸಾಮಾನ್ಯ
7.2022–23, 15ನೇ ಹಣಕಾಸು. ಇಂಡೆಂಟ್ ಸಂಖ್ಯೆ: DMA/2024-25/OW/WORK_INDENT 36448. ಅಂದಾಜು ಮೊತ್ತ: 2.92. ಮೀಸಲಾತಿ: ಪ.ಪಂ.
8.2022–23, 15ನೇ ಹಣಕಾಸು. ಇಂಡೆಂಟ್ ಸಂಖ್ಯೆ: DMA/2024-25/WS/WORK_INDENT 36449. ಅಂದಾಜು ಮೊತ್ತ: 1.29. ಮೀಸಲಾತಿ: ಸಾಮಾನ್ಯ
9.2022–23, 15ನೇ ಹಣಕಾಸು. ಇಂಡೆಂಟ್ ಸಂಖ್ಯೆ: DMA/2024-25/BR/WORK_INDENT 36450. ಅಂದಾಜು ಮೊತ್ತ: 2.33. ಮೀಸಲಾತಿ: ಸಾಮಾನ್ಯ
10.2022–23, 15ನೇ ಹಣಕಾಸು. ಇಂಡೆಂಟ್ ಸಂಖ್ಯೆ: DMA/2024-25/EL/WORK_INDENT 36511. ಅಂದಾಜು ಮೊತ್ತ: 0.89. ಮೀಸಲಾತಿ: ಸಾಮಾನ್ಯ
11.SBM–2.0. ಇಂಡೆಂಟ್ ಸಂಖ್ಯೆ: DMA/2024-25/BD/WORK_INDENT 36505. ಅಂದಾಜು ಮೊತ್ತ: 9.60. ಮೀಸಲಾತಿ: ಸಾಮಾನ್ಯ
12.2024–25 15ನೇ ಹಣಕಾಸು. ಇಂಡೆಂಟ್ ಸಂಖ್ಯೆ: DMA/2024-25/EL/WORK_INDENT 36512. ಅಂದಾಜು ಮೊತ್ತ: 2.00. ಮೀಸಲಾತಿ: ಸಾಮಾನ್ಯ
13.2024–25 15ನೇ ಹಣಕಾಸು. ಇಂಡೆಂಟ್ ಸಂಖ್ಯೆ: DMA/2024-25/WS/WORK_INDENT 36513. ಅಂದಾಜು ಮೊತ್ತ: 1.45. ಮೀಸಲಾತಿ: ಸಾಮಾನ್ಯ
ಇ–ಪ್ರಕ್ಯೂರ್‌ಮೆಂಟ್ ಟೆಂಡರ್ ಸಲ್ಲಿಸುವ ಪ್ರಾರಂಭ ದಿನಾಂಕ : ದಿನಾಂಕ 21.02.2025 ರಿಂದ 04.03.2025 ರ ಸಂಜೆ 5.30 ಗಂಟೆಯವರೆಗೆ. ಟೆಂಡರ್ ತೆರೆಯುವ ದಿನಾಂಕ : ದಿನಾಂಕ 06.03.2025 ರಂದು 11.30 ಗಂಟೆಗೆ. ಹೆಚ್ಚಿನ ಮಾಹಿತಿಗಾಗಿ (https://eproc.karnataka.gov.in) ವೆಬ್‌ಸೈಟ್ ಮೂಲಕ ಪಡೆಯಬಹುದು. ಸಕ್ಷಮ ಪ್ರಾಧಿಕಾರ : ಪೌರಾಯುಕ್ತರು, ನಗರಸಭೆ ಸಿರುಗುಪ್ಪ.
ಸಹಿ/– (ಶ್ರೀ ವಿ. ಗಂಗಾಧರ ಗೌಡ) ಪೌರಾಯುಕ್ತರು, ನಗರಸಭೆ, ಸಿರುಗುಪ್ಪ	ಸಹಿ/– (ಶ್ರೀ ಜೆ. ಪಿ. ಗುರುಸ್ವಾಮಿ) ಅಧ್ಯಕ್ಷರು, ನಗರಸಭೆ, ಸಿರುಗುಪ್ಪ
ವಾಅಇ/ಬಳ್ಳಾರಿ/955/ಜಾಹೀರಾತು/2024–25
